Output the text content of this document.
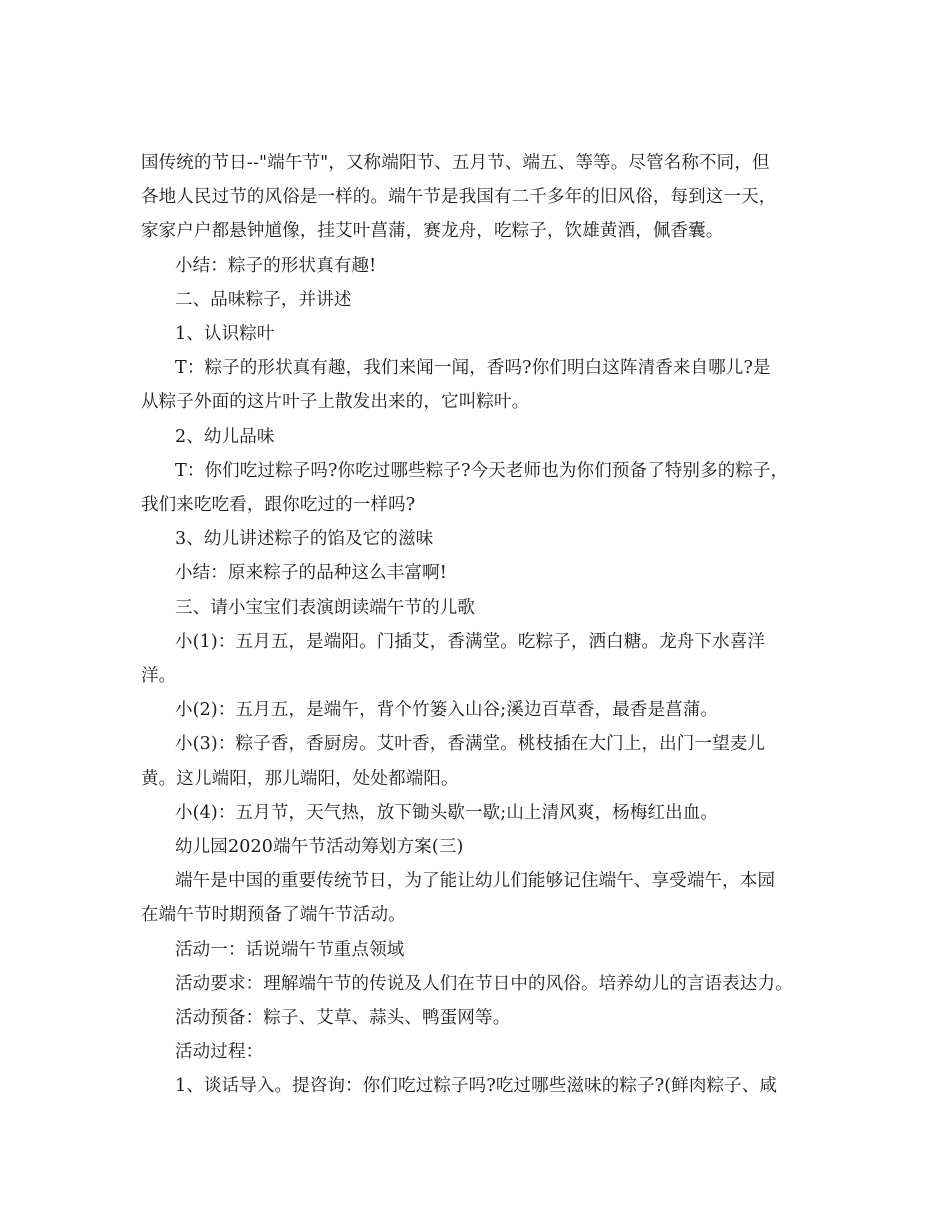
国传统的节日--"端午节"，又称端阳节、五月节、端五、等等。尽管名称不同，但

各地人民过节的风俗是一样的。端午节是我国有二千多年的旧风俗，每到这一天，

家家户户都悬钟馗像，挂艾叶菖蒲，赛龙舟，吃粽子，饮雄黄酒，佩香囊。

小结：粽子的形状真有趣!

二、品味粽子，并讲述

1、认识粽叶

T：粽子的形状真有趣，我们来闻一闻，香吗?你们明白这阵清香来自哪儿?是

从粽子外面的这片叶子上散发出来的，它叫粽叶。

2、幼儿品味

T：你们吃过粽子吗?你吃过哪些粽子?今天老师也为你们预备了特别多的粽子，

我们来吃吃看，跟你吃过的一样吗?

3、幼儿讲述粽子的馅及它的滋味

小结：原来粽子的品种这么丰富啊!

三、请小宝宝们表演朗读端午节的儿歌

小(1)：五月五，是端阳。门插艾，香满堂。吃粽子，洒白糖。龙舟下水喜洋

洋。

小(2)：五月五，是端午，背个竹篓入山谷;溪边百草香，最香是菖蒲。

小(3)：粽子香，香厨房。艾叶香，香满堂。桃枝插在大门上，出门一望麦儿

黄。这儿端阳，那儿端阳，处处都端阳。

小(4)：五月节，天气热，放下锄头歇一歇;山上清风爽，杨梅红出血。

幼儿园2020端午节活动筹划方案(三)

端午是中国的重要传统节日，为了能让幼儿们能够记住端午、享受端午，本园

在端午节时期预备了端午节活动。

活动一：话说端午节重点领域

活动要求：理解端午节的传说及人们在节日中的风俗。培养幼儿的言语表达力。

活动预备：粽子、艾草、蒜头、鸭蛋网等。

活动过程：

1、谈话导入。提咨询：你们吃过粽子吗?吃过哪些滋味的粽子?(鲜肉粽子、咸
